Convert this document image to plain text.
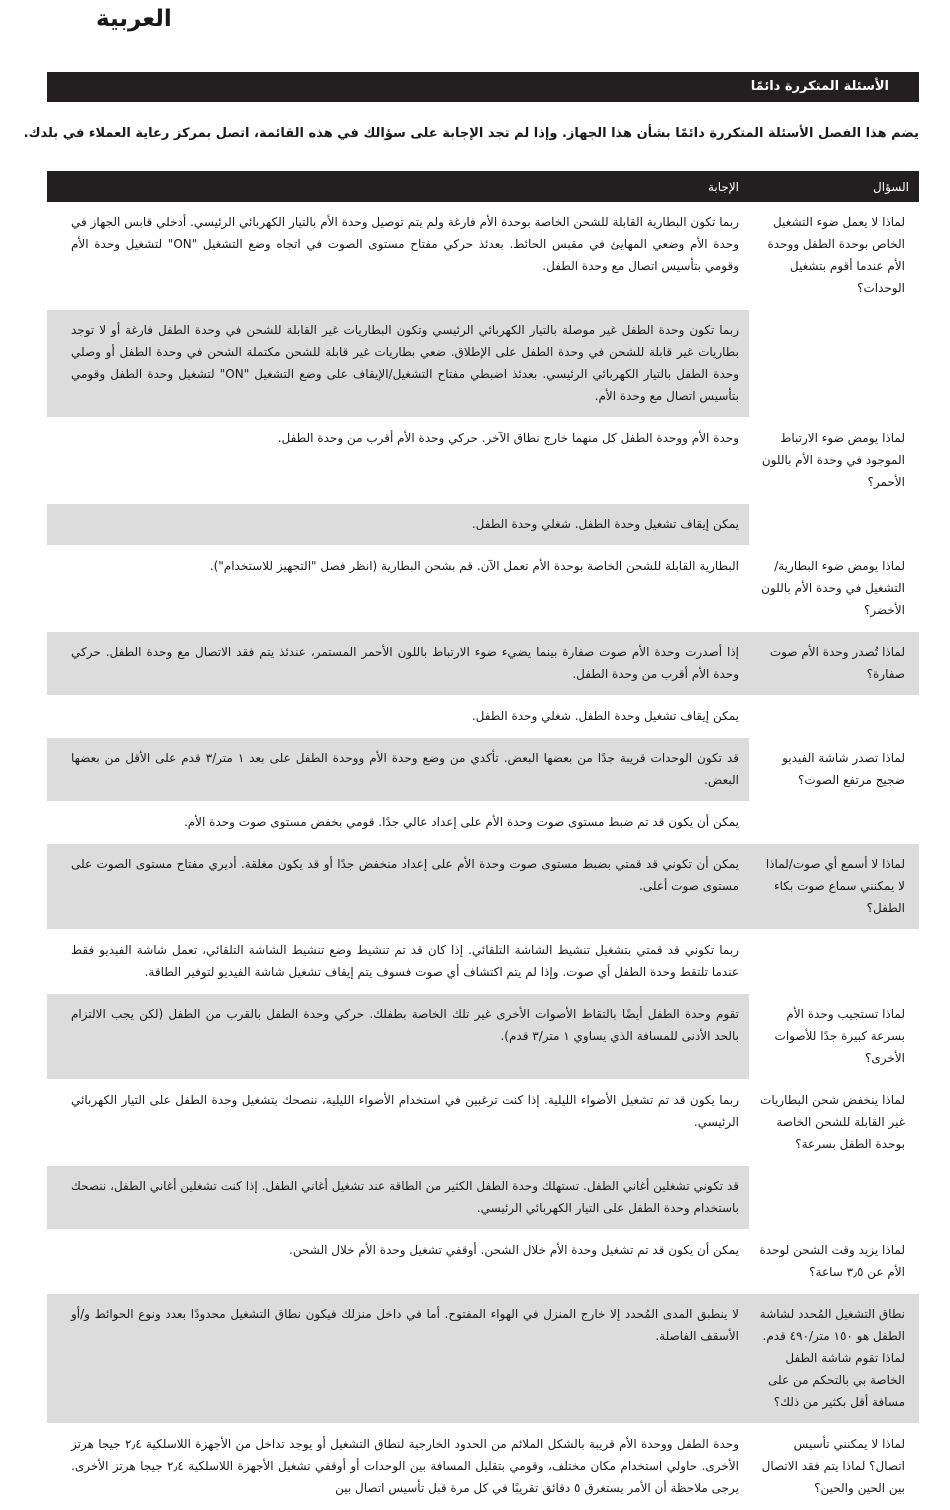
العربية
الأسئلة المتكررة دائمًا

يضم هذا الفصل الأسئلة المتكررة دائمًا بشأن هذا الجهاز. وإذا لم تجد الإجابة على سؤالك في هذه القائمة، اتصل بمركز رعاية العملاء في بلدك.

السؤال	الإجابة
لماذا لا يعمل ضوء التشغيل الخاص بوحدة الطفل ووحدة الأم عندما أقوم بتشغيل الوحدات؟	ربما تكون البطارية القابلة للشحن الخاصة بوحدة الأم فارغة ولم يتم توصيل وحدة الأم بالتيار الكهربائي الرئيسي. أدخلي قابس الجهاز في وحدة الأم وضعي المهايئ في مقبس الحائط. بعدئذ حركي مفتاح مستوى الصوت في اتجاه وضع التشغيل "ON" لتشغيل وحدة الأم وقومي بتأسيس اتصال مع وحدة الطفل.
	ربما تكون وحدة الطفل غير موصلة بالتيار الكهربائي الرئيسي وتكون البطاريات غير القابلة للشحن في وحدة الطفل فارغة أو لا توجد بطاريات غير قابلة للشحن في وحدة الطفل على الإطلاق. ضعي بطاريات غير قابلة للشحن مكتملة الشحن في وحدة الطفل أو وصلي وحدة الطفل بالتيار الكهربائي الرئيسي. بعدئذ اضبطي مفتاح التشغيل/الإيقاف على وضع التشغيل "ON" لتشغيل وحدة الطفل وقومي بتأسيس اتصال مع وحدة الأم.
لماذا يومض ضوء الارتباط الموجود في وحدة الأم باللون الأحمر؟	وحدة الأم ووحدة الطفل كل منهما خارج نطاق الآخر. حركي وحدة الأم أقرب من وحدة الطفل.
	يمكن إيقاف تشغيل وحدة الطفل. شغلي وحدة الطفل.
لماذا يومض ضوء البطارية/التشغيل في وحدة الأم باللون الأخضر؟	البطارية القابلة للشحن الخاصة بوحدة الأم تعمل الآن. قم بشحن البطارية (انظر فصل "التجهيز للاستخدام").
لماذا تُصدر وحدة الأم صوت صفارة؟	إذا أصدرت وحدة الأم صوت صفارة بينما يضيء ضوء الارتباط باللون الأحمر المستمر، عندئذ يتم فقد الاتصال مع وحدة الطفل. حركي وحدة الأم أقرب من وحدة الطفل.
	يمكن إيقاف تشغيل وحدة الطفل. شغلي وحدة الطفل.
لماذا تصدر شاشة الفيديو ضجيج مرتفع الصوت؟	قد تكون الوحدات قريبة جدًا من بعضها البعض. تأكدي من وضع وحدة الأم ووحدة الطفل على بعد ١ متر/٣ قدم على الأقل من بعضها البعض.
	يمكن أن يكون قد تم ضبط مستوى صوت وحدة الأم على إعداد عالي جدًا. قومي بخفض مستوى صوت وحدة الأم.
لماذا لا أسمع أي صوت/لماذا لا يمكنني سماع صوت بكاء الطفل؟	يمكن أن تكوني قد قمتي بضبط مستوى صوت وحدة الأم على إعداد منخفض جدًا أو قد يكون مغلقة. أديري مفتاح مستوى الصوت على مستوى صوت أعلى.
	ربما تكوني قد قمتي بتشغيل تنشيط الشاشة التلقائي. إذا كان قد تم تنشيط وضع تنشيط الشاشة التلقائي، تعمل شاشة الفيديو فقط عندما تلتقط وحدة الطفل أي صوت. وإذا لم يتم اكتشاف أي صوت فسوف يتم إيقاف تشغيل شاشة الفيديو لتوفير الطاقة.
لماذا تستجيب وحدة الأم بسرعة كبيرة جدًا للأصوات الأخرى؟	تقوم وحدة الطفل أيضًا بالتقاط الأصوات الأخرى غير تلك الخاصة بطفلك. حركي وحدة الطفل بالقرب من الطفل (لكن يجب الالتزام بالحد الأدنى للمسافة الذي يساوي ١ متر/٣ قدم).
لماذا ينخفض شحن البطاريات غير القابلة للشحن الخاصة بوحدة الطفل بسرعة؟	ربما يكون قد تم تشغيل الأضواء الليلية. إذا كنت ترغبين في استخدام الأضواء الليلية، ننصحك بتشغيل وحدة الطفل على التيار الكهربائي الرئيسي.
	قد تكوني تشغلين أغاني الطفل. تستهلك وحدة الطفل الكثير من الطاقة عند تشغيل أغاني الطفل. إذا كنت تشغلين أغاني الطفل، ننصحك باستخدام وحدة الطفل على التيار الكهربائي الرئيسي.
لماذا يزيد وقت الشحن لوحدة الأم عن ٣٫٥ ساعة؟	يمكن أن يكون قد تم تشغيل وحدة الأم خلال الشحن. أوقفي تشغيل وحدة الأم خلال الشحن.
نطاق التشغيل المُحدد لشاشة الطفل هو ١٥٠ متر/٤٩٠ قدم. لماذا تقوم شاشة الطفل الخاصة بي بالتحكم من على مسافة أقل بكثير من ذلك؟	لا ينطبق المدى المُحدد إلا خارج المنزل في الهواء المفتوح. أما في داخل منزلك فيكون نطاق التشغيل محدودًا بعدد ونوع الحوائط و/أو الأسقف الفاصلة.
لماذا لا يمكنني تأسيس اتصال؟ لماذا يتم فقد الاتصال بين الحين والحين؟	وحدة الطفل ووحدة الأم قريبة بالشكل الملائم من الحدود الخارجية لنطاق التشغيل أو يوجد تداخل من الأجهزة اللاسلكية ٢٫٤ جيجا هرتز الأخرى. حاولي استخدام مكان مختلف، وقومي بتقليل المسافة بين الوحدات أو أوقفي تشغيل الأجهزة اللاسلكية ٢٫٤ جيجا هرتز الأخرى. يرجى ملاحظة أن الأمر يستغرق ٥ دقائق تقريبًا في كل مرة قبل تأسيس اتصال بين
